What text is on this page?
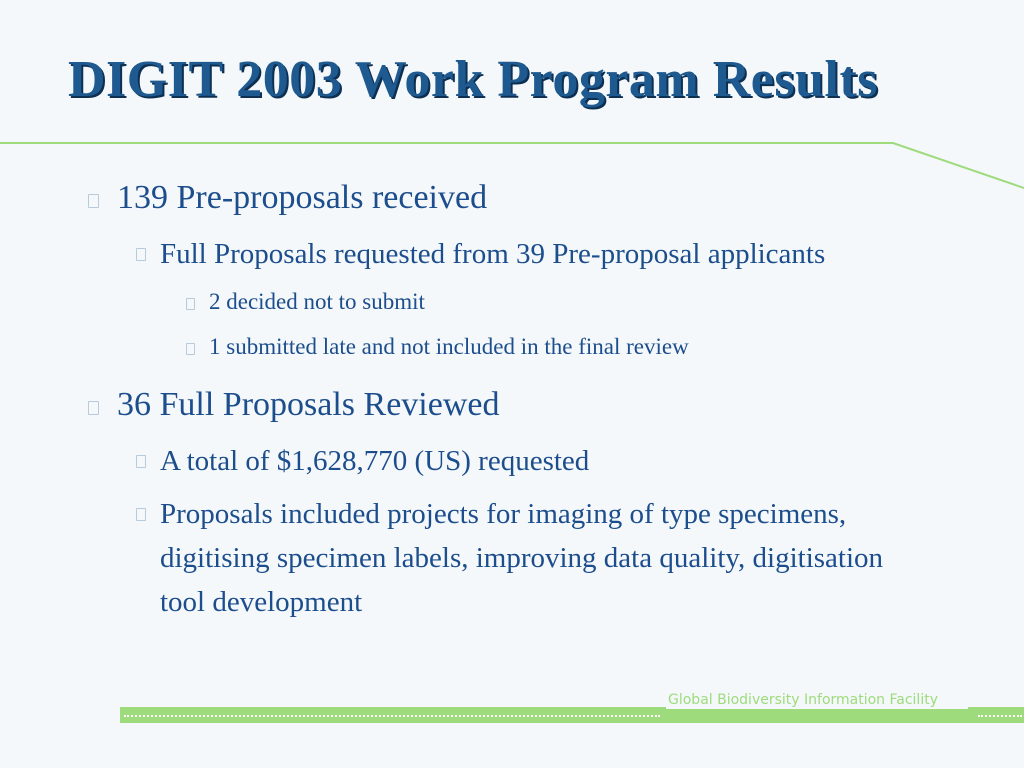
DIGIT 2003 Work Program Results
139 Pre-proposals received
Full Proposals requested from 39 Pre-proposal applicants
2 decided not to submit
1 submitted late and not included in the final review
36 Full Proposals Reviewed
A total of $1,628,770 (US) requested
Proposals included projects for imaging of type specimens, digitising specimen labels, improving data quality, digitisation tool development
Global Biodiversity Information Facility
